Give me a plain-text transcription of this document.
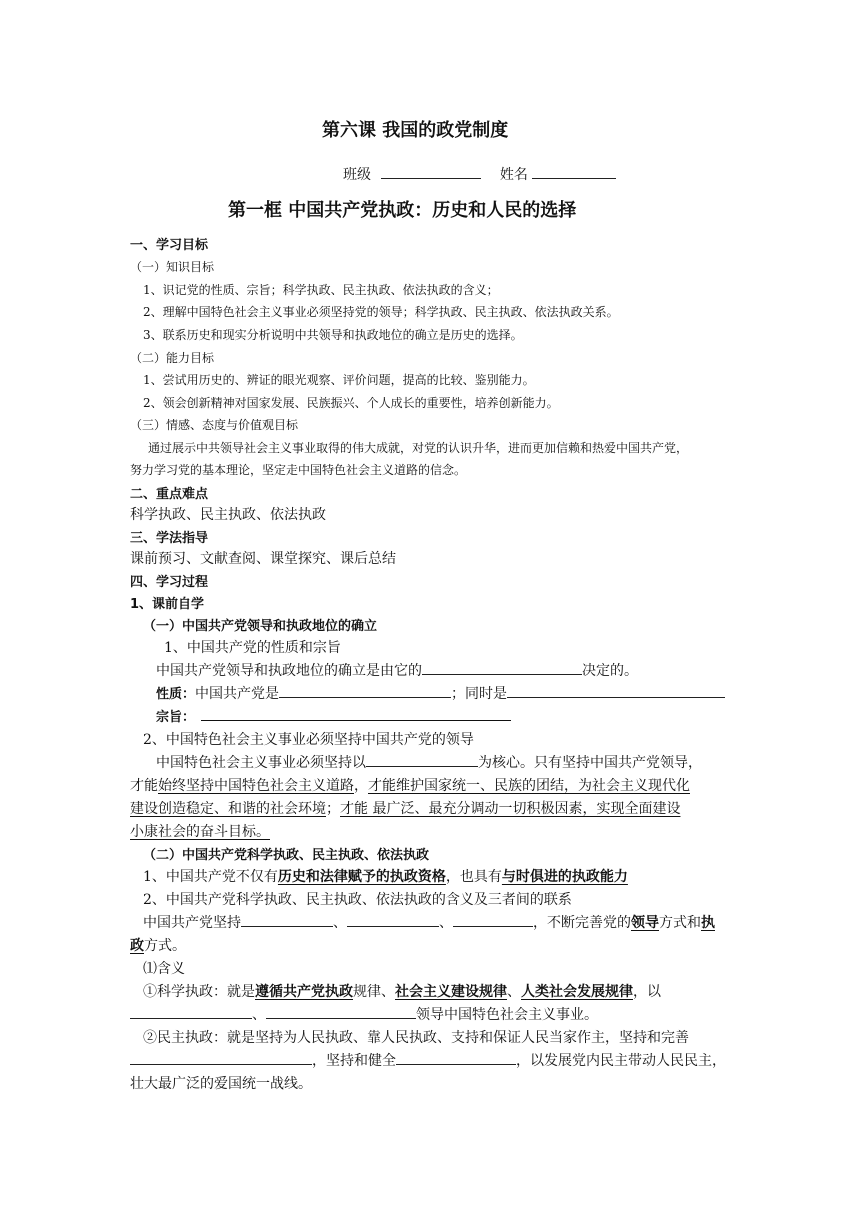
第六课 我国的政党制度
班级	姓名
第一框 中国共产党执政：历史和人民的选择
一、学习目标
（一）知识目标
1、识记党的性质、宗旨；科学执政、民主执政、依法执政的含义；
2、理解中国特色社会主义事业必须坚持党的领导；科学执政、民主执政、依法执政关系。
3、联系历史和现实分析说明中共领导和执政地位的确立是历史的选择。
（二）能力目标
1、尝试用历史的、辨证的眼光观察、评价问题，提高的比较、鉴别能力。
2、领会创新精神对国家发展、民族振兴、个人成长的重要性，培养创新能力。
（三）情感、态度与价值观目标
通过展示中共领导社会主义事业取得的伟大成就，对党的认识升华，进而更加信赖和热爱中国共产党，
努力学习党的基本理论，坚定走中国特色社会主义道路的信念。
二、重点难点
科学执政、民主执政、依法执政
三、学法指导
课前预习、文献查阅、课堂探究、课后总结
四、学习过程
1、课前自学
（一）中国共产党领导和执政地位的确立
1、中国共产党的性质和宗旨
中国共产党领导和执政地位的确立是由它的	决定的。
性质：中国共产党是	；同时是
宗旨：
2、中国特色社会主义事业必须坚持中国共产党的领导
中国特色社会主义事业必须坚持以	为核心。只有坚持中国共产党领导，
才能始终坚持中国特色社会主义道路，才能维护国家统一、民族的团结，为社会主义现代化
建设创造稳定、和谐的社会环境；才能 最广泛、最充分调动一切积极因素，实现全面建设
小康社会的奋斗目标。
（二）中国共产党科学执政、民主执政、依法执政
1、中国共产党不仅有历史和法律赋予的执政资格，也具有与时俱进的执政能力
2、中国共产党科学执政、民主执政、依法执政的含义及三者间的联系
中国共产党坚持	、	、	，不断完善党的领导方式和执
政方式。
⑴含义
①科学执政：就是遵循共产党执政规律、社会主义建设规律、人类社会发展规律，以
、	领导中国特色社会主义事业。
②民主执政：就是坚持为人民执政、靠人民执政、支持和保证人民当家作主，坚持和完善
，坚持和健全	，以发展党内民主带动人民民主，
壮大最广泛的爱国统一战线。
